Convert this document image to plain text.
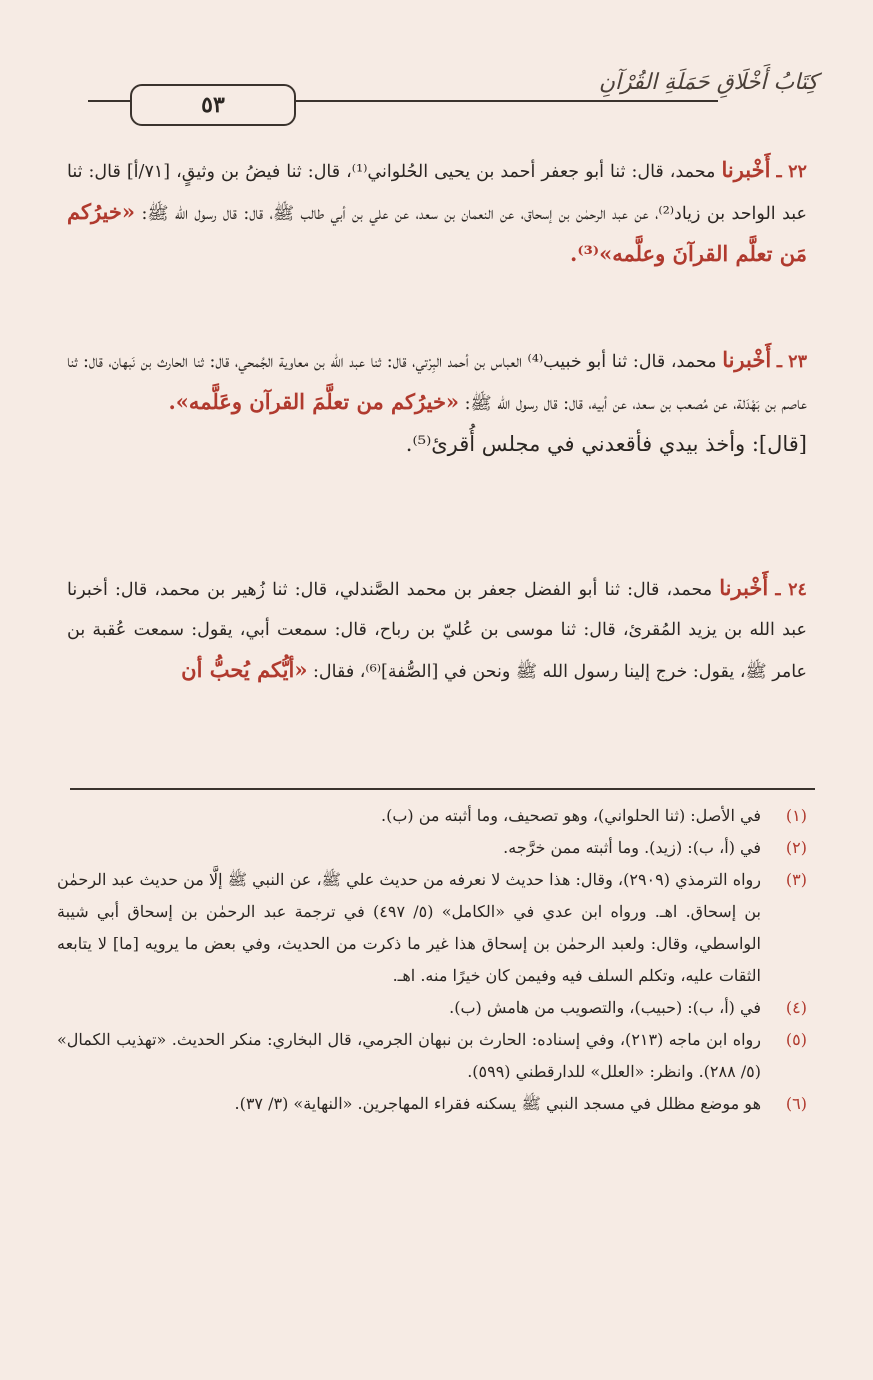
٥٣
كِتَابُ أَخْلَاقِ حَمَلَةِ القُرْآنِ

٢٢ ـ أَخْبرنا محمد، قال: ثنا أبو جعفر أحمد بن يحيى الحُلواني⁽¹⁾، قال: ثنا فيضُ بن وثيقٍ، [٧١/أ] قال: ثنا عبد الواحد بن زياد⁽²⁾، عن عبد الرحمٰن بن إسحاق، عن النعمان بن سعد، عن علي بن أبي طالب ﷺ، قال: قال رسول الله ﷺ: «خيرُكم مَن تعلَّم القرآنَ وعلَّمه»⁽³⁾.

٢٣ ـ أَخْبرنا محمد، قال: ثنا أبو خبيب⁽⁴⁾ العباس بن أحمد البِرْتي، قال: ثنا عبد الله بن معاوية الجُمحي، قال: ثنا الحارث بن نَبهان، قال: ثنا عاصم بن بَهْدَلة، عن مُصعب بن سعد، عن أبيه، قال: قال رسول الله ﷺ: «خيرُكم من تعلَّمَ القرآن وعَلَّمه».
[قال]: وأخذ بيدي فأقعدني في مجلس أُقرئ⁽⁵⁾.

٢٤ ـ أَخْبرنا محمد، قال: ثنا أبو الفضل جعفر بن محمد الصَّندلي، قال: ثنا زُهير بن محمد، قال: أخبرنا عبد الله بن يزيد المُقرئ، قال: ثنا موسى بن عُليّ بن رباح، قال: سمعت أبي، يقول: سمعت عُقبة بن عامر ﷺ، يقول: خرج إلينا رسول الله ﷺ ونحن في [الصُّفة]⁽⁶⁾، فقال: «أيُّكم يُحبُّ أن

(١)
في الأصل: (ثنا الحلواني)، وهو تصحيف، وما أثبته من (ب).
(٢)
في (أ، ب): (زيد). وما أثبته ممن خرَّجه.
(٣)
رواه الترمذي (٢٩٠٩)، وقال: هذا حديث لا نعرفه من حديث علي ﷺ، عن النبي ﷺ إلَّا من حديث عبد الرحمٰن بن إسحاق. اهـ. ورواه ابن عدي في «الكامل» (٥/ ٤٩٧) في ترجمة عبد الرحمٰن بن إسحاق أبي شيبة الواسطي، وقال: ولعبد الرحمٰن بن إسحاق هذا غير ما ذكرت من الحديث، وفي بعض ما يرويه [ما] لا يتابعه الثقات عليه، وتكلم السلف فيه وفيمن كان خيرًا منه. اهـ.
(٤)
في (أ، ب): (حبيب)، والتصويب من هامش (ب).
(٥)
رواه ابن ماجه (٢١٣)، وفي إسناده: الحارث بن نبهان الجرمي، قال البخاري: منكر الحديث. «تهذيب الكمال» (٥/ ٢٨٨). وانظر: «العلل» للدارقطني (٥٩٩).
(٦)
هو موضع مظلل في مسجد النبي ﷺ يسكنه فقراء المهاجرين. «النهاية» (٣/ ٣٧).
